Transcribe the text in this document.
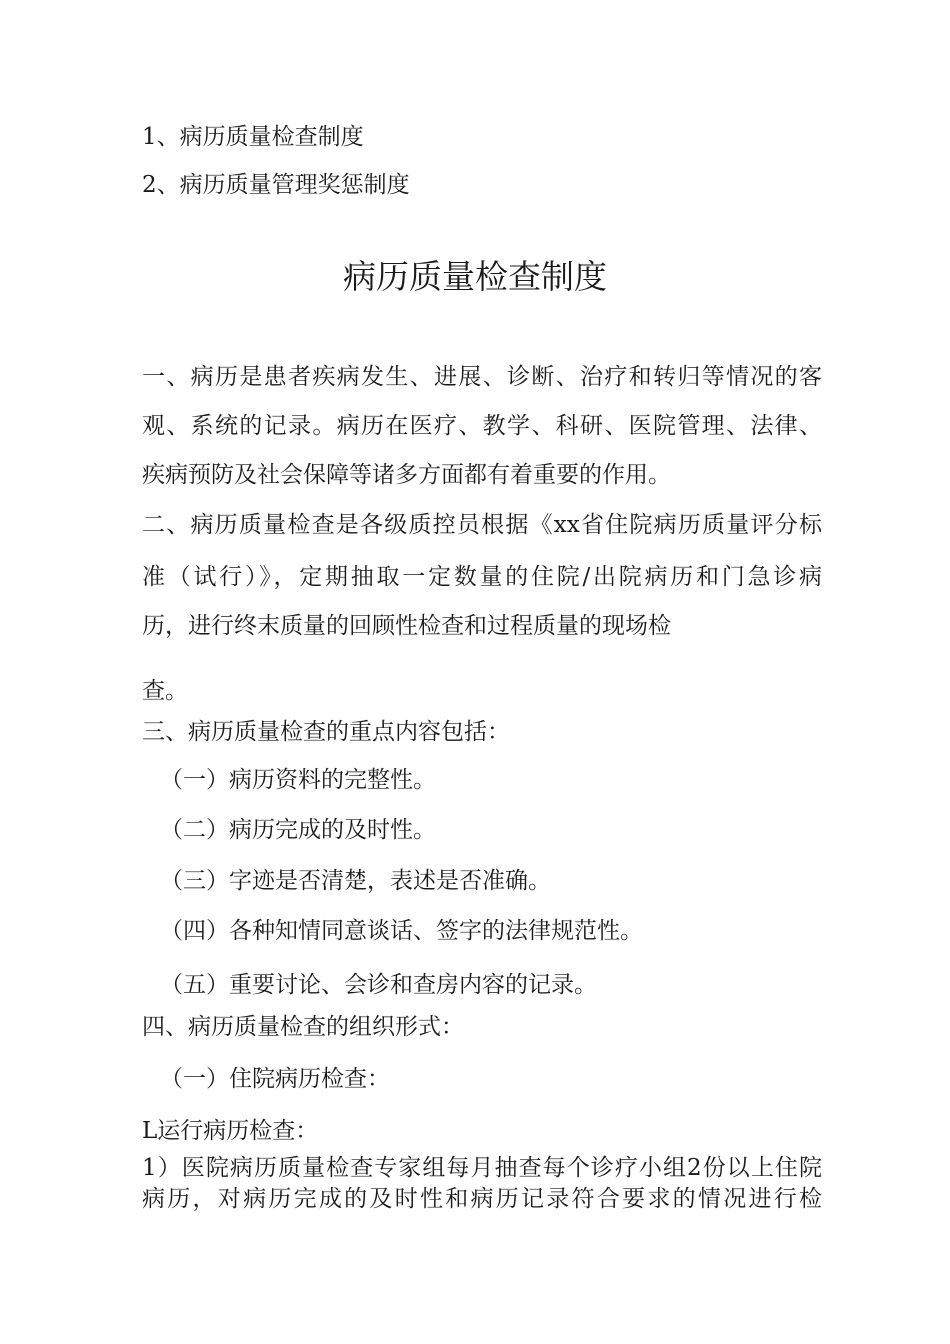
1、病历质量检查制度
2、病历质量管理奖惩制度
病历质量检查制度
一、病历是患者疾病发生、进展、诊断、治疗和转归等情况的客
观、系统的记录。病历在医疗、教学、科研、医院管理、法律、
疾病预防及社会保障等诸多方面都有着重要的作用。
二、病历质量检查是各级质控员根据《xx省住院病历质量评分标
准（试行）》，定期抽取一定数量的住院/出院病历和门急诊病
历，进行终末质量的回顾性检查和过程质量的现场检
查。
三、病历质量检查的重点内容包括：
（一）病历资料的完整性。
（二）病历完成的及时性。
（三）字迹是否清楚，表述是否准确。
（四）各种知情同意谈话、签字的法律规范性。
（五）重要讨论、会诊和查房内容的记录。
四、病历质量检查的组织形式：
（一）住院病历检查：
L运行病历检查：
1）医院病历质量检查专家组每月抽查每个诊疗小组2份以上住院
病历，对病历完成的及时性和病历记录符合要求的情况进行检
